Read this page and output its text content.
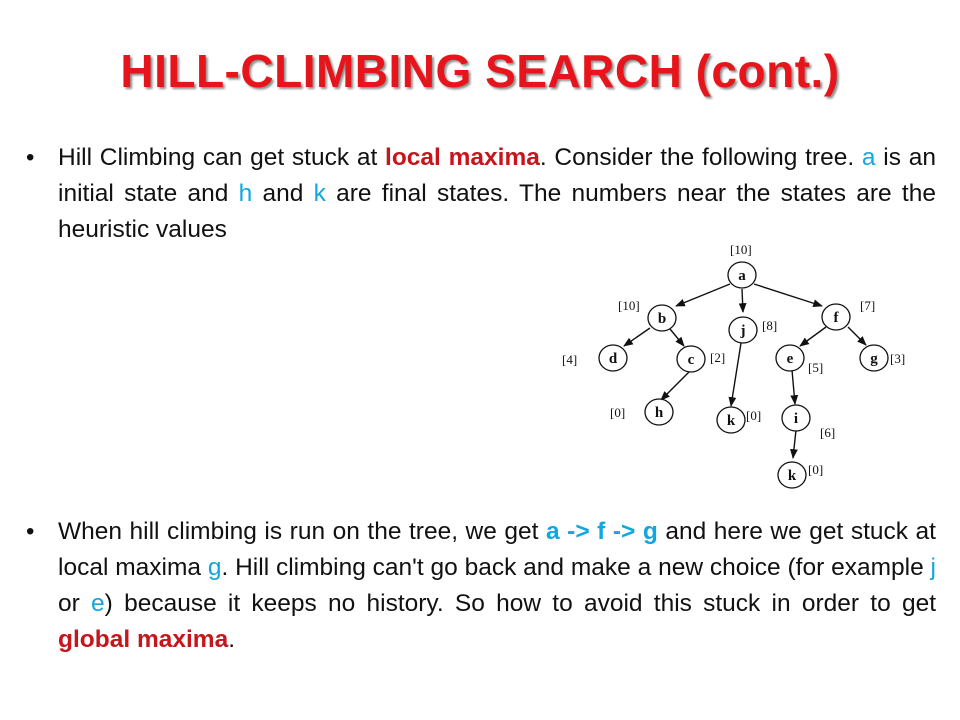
HILL-CLIMBING SEARCH (cont.)
• Hill Climbing can get stuck at local maxima. Consider the following tree. a is an initial state and h and k are final states. The numbers near the states are the heuristic values
a
b
j
f
d	c	e	g
h	k	i
k
[10]
[10]
[8]
[7]
[4]	[2]
[5]
[3]
[0]	[0]
[6]
[0]
• When hill climbing is run on the tree, we get a -> f -> g and here we get stuck at local maxima g. Hill climbing can't go back and make a new choice (for example j or e) because it keeps no history. So how to avoid this stuck in order to get global maxima.
